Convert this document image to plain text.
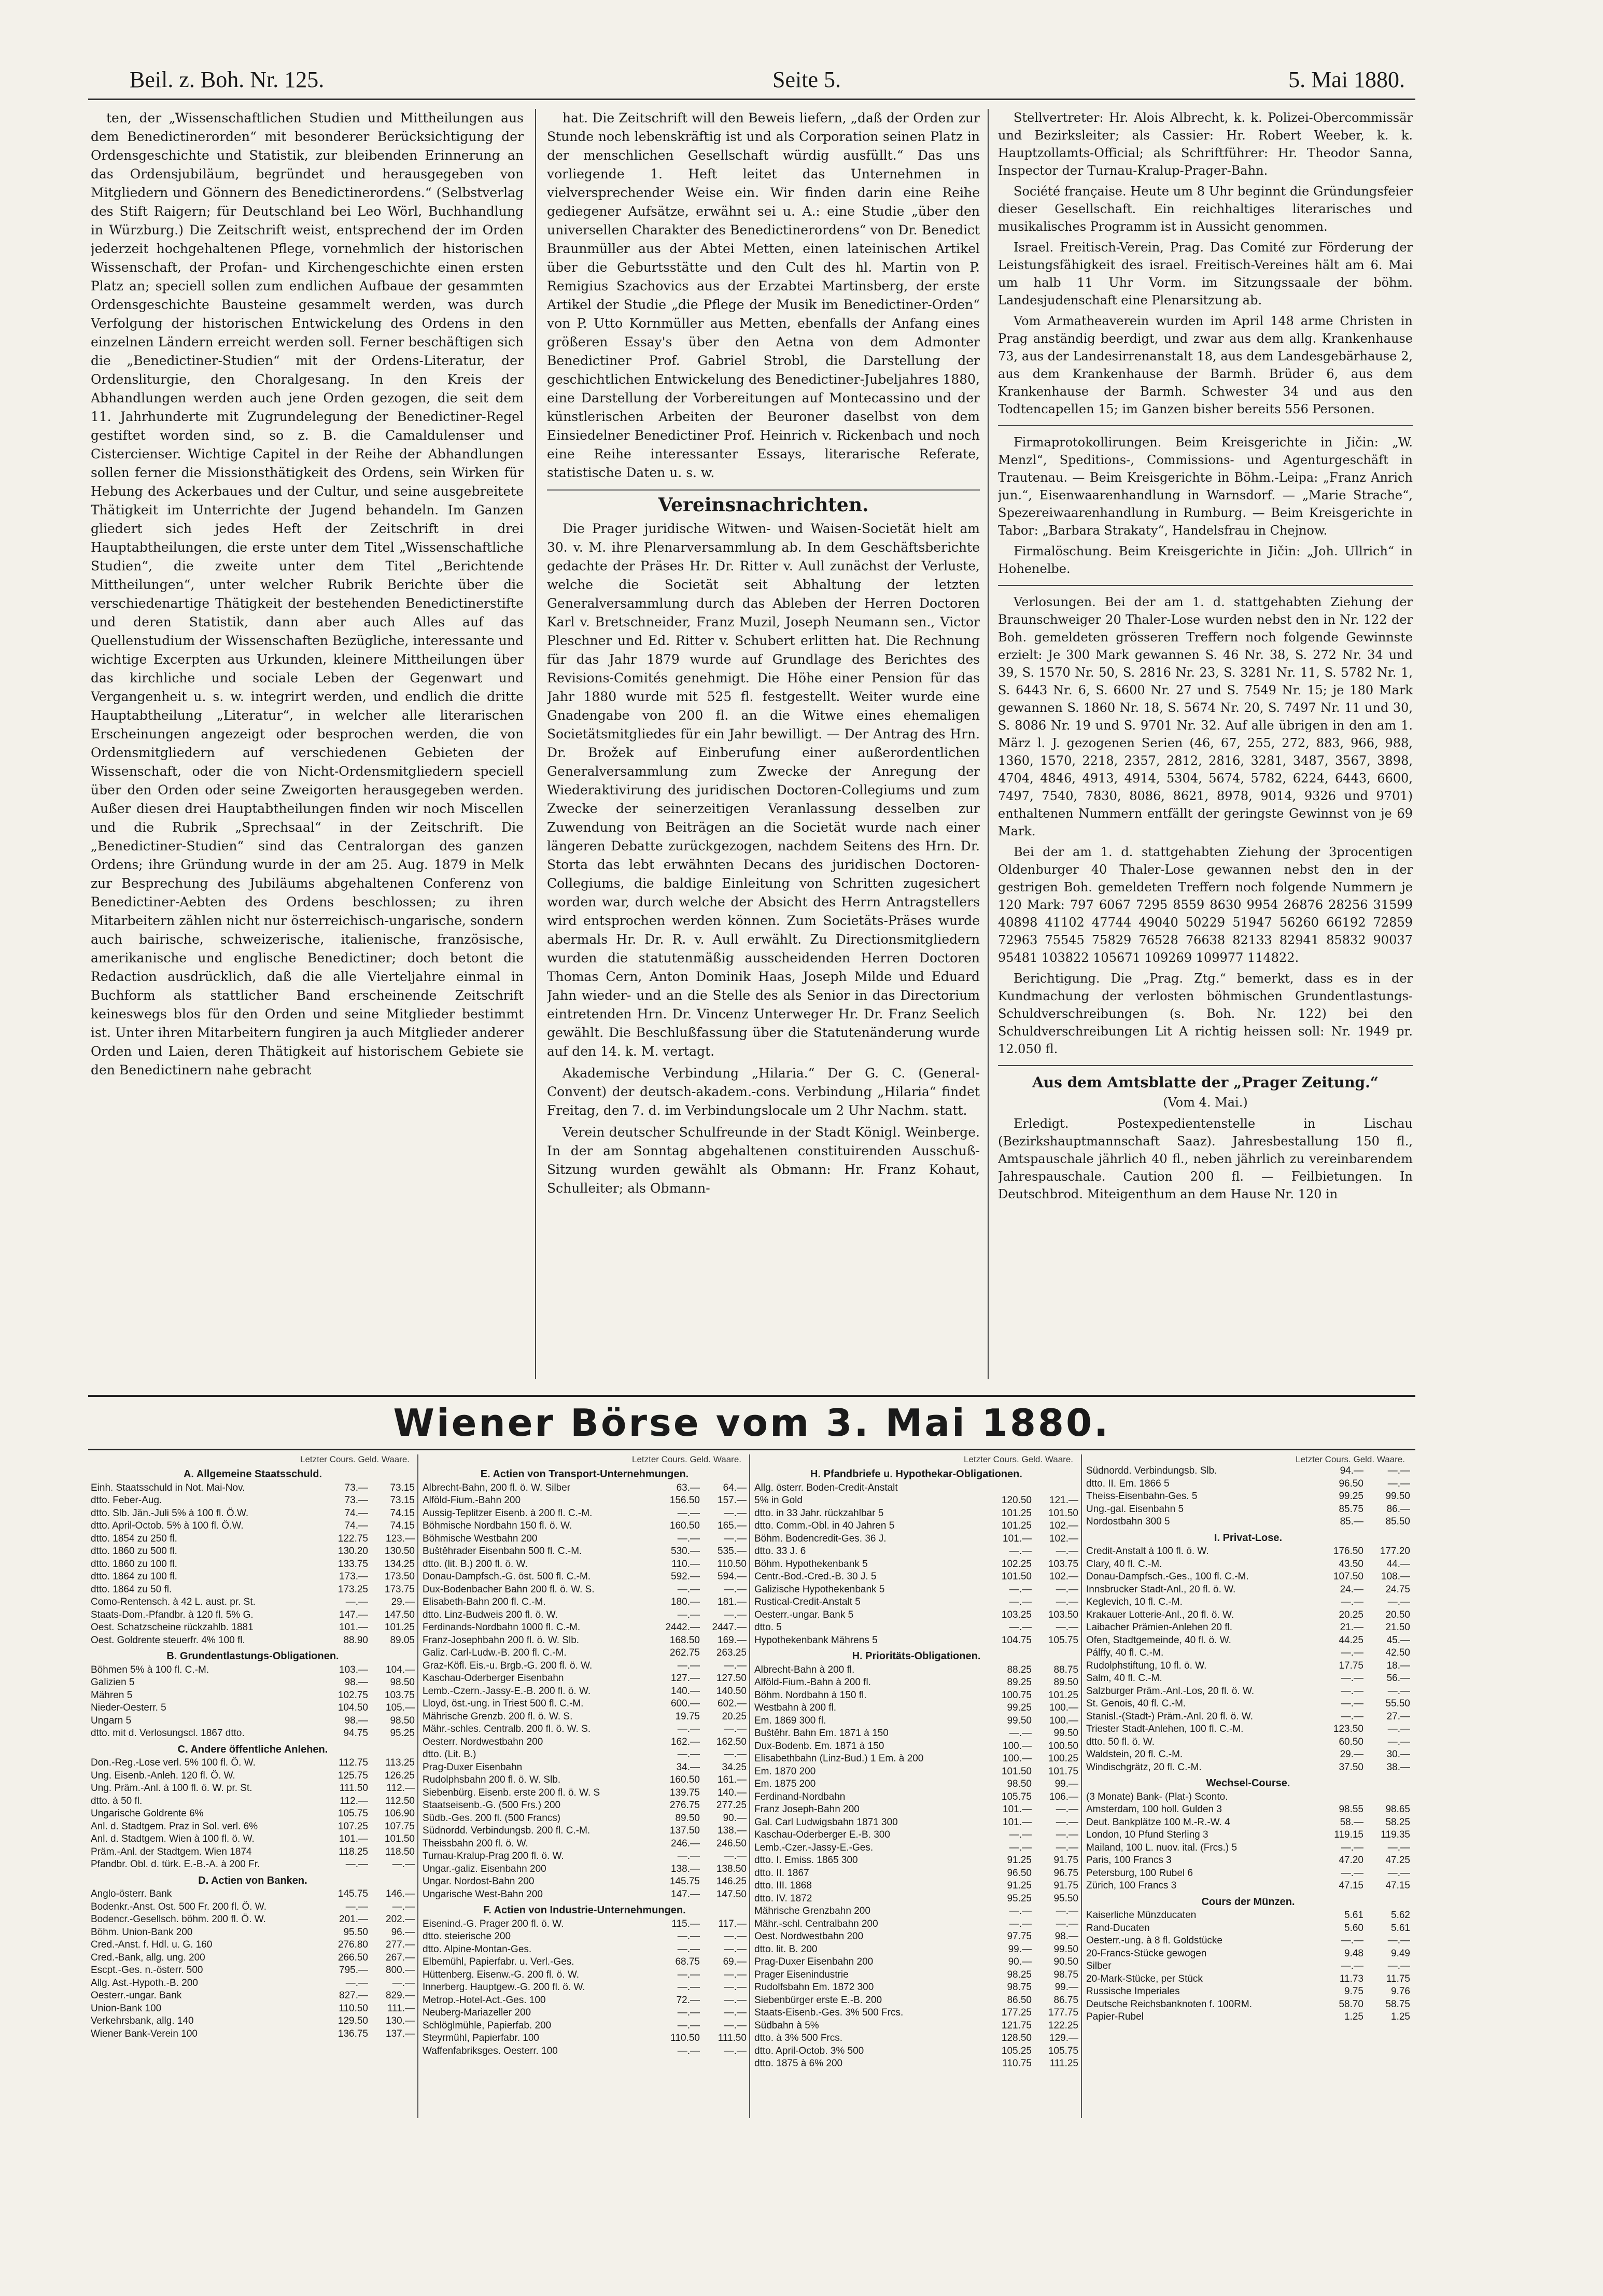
Beil. z. Boh. Nr. 125.	Seite 5.	5. Mai 1880.

ten, der „Wissenschaftlichen Studien und Mittheilungen aus dem Benedictinerorden“ mit besonderer Berücksichtigung der Ordensgeschichte und Statistik, zur bleibenden Erinnerung an das Ordensjubiläum, begründet und herausgegeben von Mitgliedern und Gönnern des Benedictinerordens.“ (Selbstverlag des Stift Raigern; für Deutschland bei Leo Wörl, Buchhandlung in Würzburg.) Die Zeitschrift weist, entsprechend der im Orden jederzeit hochgehaltenen Pflege, vornehmlich der historischen Wissenschaft, der Profan- und Kirchengeschichte einen ersten Platz an; speciell sollen zum endlichen Aufbaue der gesammten Ordensgeschichte Bausteine gesammelt werden, was durch Verfolgung der historischen Entwickelung des Ordens in den einzelnen Ländern erreicht werden soll. Ferner beschäftigen sich die „Benedictiner-Studien“ mit der Ordens-Literatur, der Ordensliturgie, den Choralgesang. In den Kreis der Abhandlungen werden auch jene Orden gezogen, die seit dem 11. Jahrhunderte mit Zugrundelegung der Benedictiner-Regel gestiftet worden sind, so z. B. die Camaldulenser und Cistercienser. Wichtige Capitel in der Reihe der Abhandlungen sollen ferner die Missionsthätigkeit des Ordens, sein Wirken für Hebung des Ackerbaues und der Cultur, und seine ausgebreitete Thätigkeit im Unterrichte der Jugend behandeln. Im Ganzen gliedert sich jedes Heft der Zeitschrift in drei Hauptabtheilungen, die erste unter dem Titel „Wissenschaftliche Studien“, die zweite unter dem Titel „Berichtende Mittheilungen“, unter welcher Rubrik Berichte über die verschiedenartige Thätigkeit der bestehenden Benedictinerstifte und deren Statistik, dann aber auch Alles auf das Quellenstudium der Wissenschaften Bezügliche, interessante und wichtige Excerpten aus Urkunden, kleinere Mittheilungen über das kirchliche und sociale Leben der Gegenwart und Vergangenheit u. s. w. integrirt werden, und endlich die dritte Hauptabtheilung „Literatur“, in welcher alle literarischen Erscheinungen angezeigt oder besprochen werden, die von Ordensmitgliedern auf verschiedenen Gebieten der Wissenschaft, oder die von Nicht-Ordensmitgliedern speciell über den Orden oder seine Zweigorten herausgegeben werden. Außer diesen drei Hauptabtheilungen finden wir noch Miscellen und die Rubrik „Sprechsaal“ in der Zeitschrift. Die „Benedictiner-Studien“ sind das Centralorgan des ganzen Ordens; ihre Gründung wurde in der am 25. Aug. 1879 in Melk zur Besprechung des Jubiläums abgehaltenen Conferenz von Benedictiner-Aebten des Ordens beschlossen; zu ihren Mitarbeitern zählen nicht nur österreichisch-ungarische, sondern auch bairische, schweizerische, italienische, französische, amerikanische und englische Benedictiner; doch betont die Redaction ausdrücklich, daß die alle Vierteljahre einmal in Buchform als stattlicher Band erscheinende Zeitschrift keineswegs blos für den Orden und seine Mitglieder bestimmt ist. Unter ihren Mitarbeitern fungiren ja auch Mitglieder anderer Orden und Laien, deren Thätigkeit auf historischem Gebiete sie den Benedictinern nahe gebracht

hat. Die Zeitschrift will den Beweis liefern, „daß der Orden zur Stunde noch lebenskräftig ist und als Corporation seinen Platz in der menschlichen Gesellschaft würdig ausfüllt.“ Das uns vorliegende 1. Heft leitet das Unternehmen in vielversprechender Weise ein. Wir finden darin eine Reihe gediegener Aufsätze, erwähnt sei u. A.: eine Studie „über den universellen Charakter des Benedictinerordens“ von Dr. Benedict Braunmüller aus der Abtei Metten, einen lateinischen Artikel über die Geburtsstätte und den Cult des hl. Martin von P. Remigius Szachovics aus der Erzabtei Martinsberg, der erste Artikel der Studie „die Pflege der Musik im Benedictiner-Orden“ von P. Utto Kornmüller aus Metten, ebenfalls der Anfang eines größeren Essay's über den Aetna von dem Admonter Benedictiner Prof. Gabriel Strobl, die Darstellung der geschichtlichen Entwickelung des Benedictiner-Jubeljahres 1880, eine Darstellung der Vorbereitungen auf Montecassino und der künstlerischen Arbeiten der Beuroner daselbst von dem Einsiedelner Benedictiner Prof. Heinrich v. Rickenbach und noch eine Reihe interessanter Essays, literarische Referate, statistische Daten u. s. w.

Vereinsnachrichten.

Die Prager juridische Witwen- und Waisen-Societät hielt am 30. v. M. ihre Plenarversammlung ab. In dem Geschäftsberichte gedachte der Präses Hr. Dr. Ritter v. Aull zunächst der Verluste, welche die Societät seit Abhaltung der letzten Generalversammlung durch das Ableben der Herren Doctoren Karl v. Bretschneider, Franz Muzil, Joseph Neumann sen., Victor Pleschner und Ed. Ritter v. Schubert erlitten hat. Die Rechnung für das Jahr 1879 wurde auf Grundlage des Berichtes des Revisions-Comités genehmigt. Die Höhe einer Pension für das Jahr 1880 wurde mit 525 fl. festgestellt. Weiter wurde eine Gnadengabe von 200 fl. an die Witwe eines ehemaligen Societätsmitgliedes für ein Jahr bewilligt. — Der Antrag des Hrn. Dr. Brožek auf Einberufung einer außerordentlichen Generalversammlung zum Zwecke der Anregung der Wiederaktivirung des juridischen Doctoren-Collegiums und zum Zwecke der seinerzeitigen Veranlassung desselben zur Zuwendung von Beiträgen an die Societät wurde nach einer längeren Debatte zurückgezogen, nachdem Seitens des Hrn. Dr. Storta das lebt erwähnten Decans des juridischen Doctoren-Collegiums, die baldige Einleitung von Schritten zugesichert worden war, durch welche der Absicht des Herrn Antragstellers wird entsprochen werden können. Zum Societäts-Präses wurde abermals Hr. Dr. R. v. Aull erwählt. Zu Directionsmitgliedern wurden die statutenmäßig ausscheidenden Herren Doctoren Thomas Cern, Anton Dominik Haas, Joseph Milde und Eduard Jahn wieder- und an die Stelle des als Senior in das Directorium eintretenden Hrn. Dr. Vincenz Unterweger Hr. Dr. Franz Seelich gewählt. Die Beschlußfassung über die Statutenänderung wurde auf den 14. k. M. vertagt.

Akademische Verbindung „Hilaria.“ Der G. C. (General-Convent) der deutsch-akadem.-cons. Verbindung „Hilaria“ findet Freitag, den 7. d. im Verbindungslocale um 2 Uhr Nachm. statt.

Verein deutscher Schulfreunde in der Stadt Königl. Weinberge. In der am Sonntag abgehaltenen constituirenden Ausschuß-Sitzung wurden gewählt als Obmann: Hr. Franz Kohaut, Schulleiter; als Obmann-

Stellvertreter: Hr. Alois Albrecht, k. k. Polizei-Obercommissär und Bezirksleiter; als Cassier: Hr. Robert Weeber, k. k. Hauptzollamts-Official; als Schriftführer: Hr. Theodor Sanna, Inspector der Turnau-Kralup-Prager-Bahn.

Société française. Heute um 8 Uhr beginnt die Gründungsfeier dieser Gesellschaft. Ein reichhaltiges literarisches und musikalisches Programm ist in Aussicht genommen.

Israel. Freitisch-Verein, Prag. Das Comité zur Förderung der Leistungsfähigkeit des israel. Freitisch-Vereines hält am 6. Mai um halb 11 Uhr Vorm. im Sitzungssaale der böhm. Landesjudenschaft eine Plenarsitzung ab.

Vom Armatheaverein wurden im April 148 arme Christen in Prag anständig beerdigt, und zwar aus dem allg. Krankenhause 73, aus der Landesirrenanstalt 18, aus dem Landesgebärhause 2, aus dem Krankenhause der Barmh. Brüder 6, aus dem Krankenhause der Barmh. Schwester 34 und aus den Todtencapellen 15; im Ganzen bisher bereits 556 Personen.

Firmaprotokollirungen. Beim Kreisgerichte in Jičin: „W. Menzl“, Speditions-, Commissions- und Agenturgeschäft in Trautenau. — Beim Kreisgerichte in Böhm.-Leipa: „Franz Anrich jun.“, Eisenwaarenhandlung in Warnsdorf. — „Marie Strache“, Spezereiwaarenhandlung in Rumburg. — Beim Kreisgerichte in Tabor: „Barbara Strakaty“, Handelsfrau in Chejnow.

Firmalöschung. Beim Kreisgerichte in Jičin: „Joh. Ullrich“ in Hohenelbe.

Verlosungen. Bei der am 1. d. stattgehabten Ziehung der Braunschweiger 20 Thaler-Lose wurden nebst den in Nr. 122 der Boh. gemeldeten grösseren Treffern noch folgende Gewinnste erzielt: Je 300 Mark gewannen S. 46 Nr. 38, S. 272 Nr. 34 und 39, S. 1570 Nr. 50, S. 2816 Nr. 23, S. 3281 Nr. 11, S. 5782 Nr. 1, S. 6443 Nr. 6, S. 6600 Nr. 27 und S. 7549 Nr. 15; je 180 Mark gewannen S. 1860 Nr. 18, S. 5674 Nr. 20, S. 7497 Nr. 11 und 30, S. 8086 Nr. 19 und S. 9701 Nr. 32. Auf alle übrigen in den am 1. März l. J. gezogenen Serien (46, 67, 255, 272, 883, 966, 988, 1360, 1570, 2218, 2357, 2812, 2816, 3281, 3487, 3567, 3898, 4704, 4846, 4913, 4914, 5304, 5674, 5782, 6224, 6443, 6600, 7497, 7540, 7830, 8086, 8621, 8978, 9014, 9326 und 9701) enthaltenen Nummern entfällt der geringste Gewinnst von je 69 Mark.

Bei der am 1. d. stattgehabten Ziehung der 3procentigen Oldenburger 40 Thaler-Lose gewannen nebst den in der gestrigen Boh. gemeldeten Treffern noch folgende Nummern je 120 Mark: 797 6067 7295 8559 8630 9954 26876 28256 31599 40898 41102 47744 49040 50229 51947 56260 66192 72859 72963 75545 75829 76528 76638 82133 82941 85832 90037 95481 103822 105671 109269 109977 114822.

Berichtigung. Die „Prag. Ztg.“ bemerkt, dass es in der Kundmachung der verlosten böhmischen Grundentlastungs-Schuldverschreibungen (s. Boh. Nr. 122) bei den Schuldverschreibungen Lit A richtig heissen soll: Nr. 1949 pr. 12.050 fl.

Aus dem Amtsblatte der „Prager Zeitung.“
(Vom 4. Mai.)

Erledigt. Postexpedientenstelle in Lischau (Bezirkshauptmannschaft Saaz). Jahresbestallung 150 fl., Amtspauschale jährlich 40 fl., neben jährlich zu vereinbarendem Jahrespauschale. Caution 200 fl. — Feilbietungen. In Deutschbrod. Miteigenthum an dem Hause Nr. 120 in

Wiener Börse vom 3. Mai 1880.
Letzter Cours. Geld. Waare.
A. Allgemeine Staatsschuld.
Einh. Staatsschuld in Not. Mai-Nov.	73.—	73.15
dtto. Feber-Aug.	73.—	73.15
dtto. Slb. Jän.-Juli 5% à 100 fl. Ö.W.	74.—	74.15
dtto. April-Octob. 5% à 100 fl. Ö.W.	74.—	74.15
dtto. 1854 zu 250 fl.	122.75	123.—
dtto. 1860 zu 500 fl.	130.20	130.50
dtto. 1860 zu 100 fl.	133.75	134.25
dtto. 1864 zu 100 fl.	173.—	173.50
dtto. 1864 zu 50 fl.	173.25	173.75
Como-Rentensch. à 42 L. aust. pr. St.	—.—	29.—
Staats-Dom.-Pfandbr. à 120 fl. 5% G.	147.—	147.50
Oest. Schatzscheine rückzahlb. 1881	101.—	101.25
Oest. Goldrente steuerfr. 4% 100 fl.	88.90	89.05
B. Grundentlastungs-Obligationen.
Böhmen 5% à 100 fl. C.-M.	103.—	104.—
Galizien 5	98.—	98.50
Mähren 5	102.75	103.75
Nieder-Oesterr. 5	104.50	105.—
Ungarn 5	98.—	98.50
dtto. mit d. Verlosungscl. 1867 dtto.	94.75	95.25
C. Andere öffentliche Anlehen.
Don.-Reg.-Lose verl. 5% 100 fl. Ö. W.	112.75	113.25
Ung. Eisenb.-Anleh. 120 fl. Ö. W.	125.75	126.25
Ung. Präm.-Anl. à 100 fl. ö. W. pr. St.	111.50	112.—
dtto. à 50 fl.	112.—	112.50
Ungarische Goldrente 6%	105.75	106.90
Anl. d. Stadtgem. Praz in Sol. verl. 6%	107.25	107.75
Anl. d. Stadtgem. Wien à 100 fl. ö. W.	101.—	101.50
Präm.-Anl. der Stadtgem. Wien 1874	118.25	118.50
Pfandbr. Obl. d. türk. E.-B.-A. à 200 Fr.	—.—	—.—
D. Actien von Banken.
Anglo-österr. Bank	145.75	146.—
Bodenkr.-Anst. Ost. 500 Fr. 200 fl. Ö. W.	—.—	—.—
Bodencr.-Gesellsch. böhm. 200 fl. Ö. W.	201.—	202.—
Böhm. Union-Bank 200	95.50	96.—
Cred.-Anst. f. Hdl. u. G. 160	276.80	277.—
Cred.-Bank, allg. ung. 200	266.50	267.—
Escpt.-Ges. n.-österr. 500	795.—	800.—
Allg. Ast.-Hypoth.-B. 200	—.—	—.—
Oesterr.-ungar. Bank	827.—	829.—
Union-Bank 100	110.50	111.—
Verkehrsbank, allg. 140	129.50	130.—
Wiener Bank-Verein 100	136.75	137.—
Letzter Cours. Geld. Waare.
E. Actien von Transport-Unternehmungen.
Albrecht-Bahn, 200 fl. ö. W. Silber	63.—	64.—
Alföld-Fium.-Bahn 200	156.50	157.—
Aussig-Teplitzer Eisenb. à 200 fl. C.-M.	—.—	—.—
Böhmische Nordbahn 150 fl. ö. W.	160.50	165.—
Böhmische Westbahn 200	—.—	—.—
Buštěhrader Eisenbahn 500 fl. C.-M.	530.—	535.—
dtto. (lit. B.) 200 fl. ö. W.	110.—	110.50
Donau-Dampfsch.-G. öst. 500 fl. C.-M.	592.—	594.—
Dux-Bodenbacher Bahn 200 fl. ö. W. S.	—.—	—.—
Elisabeth-Bahn 200 fl. C.-M.	180.—	181.—
dtto. Linz-Budweis 200 fl. ö. W.	—.—	—.—
Ferdinands-Nordbahn 1000 fl. C.-M.	2442.—	2447.—
Franz-Josephbahn 200 fl. ö. W. Slb.	168.50	169.—
Galiz. Carl-Ludw.-B. 200 fl. C.-M.	262.75	263.25
Graz-Köfl. Eis.-u. Brgb.-G. 200 fl. ö. W.	—.—	—.—
Kaschau-Oderberger Eisenbahn	127.—	127.50
Lemb.-Czern.-Jassy-E.-B. 200 fl. ö. W.	140.—	140.50
Lloyd, öst.-ung. in Triest 500 fl. C.-M.	600.—	602.—
Mährische Grenzb. 200 fl. ö. W. S.	19.75	20.25
Mähr.-schles. Centralb. 200 fl. ö. W. S.	—.—	—.—
Oesterr. Nordwestbahn 200	162.—	162.50
dtto. (Lit. B.)	—.—	—.—
Prag-Duxer Eisenbahn	34.—	34.25
Rudolphsbahn 200 fl. ö. W. Slb.	160.50	161.—
Siebenbürg. Eisenb. erste 200 fl. ö. W. S	139.75	140.—
Staatseisenb.-G. (500 Frs.) 200	276.75	277.25
Südb.-Ges. 200 fl. (500 Francs)	89.50	90.—
Südnordd. Verbindungsb. 200 fl. C.-M.	137.50	138.—
Theissbahn 200 fl. ö. W.	246.—	246.50
Turnau-Kralup-Prag 200 fl. ö. W.	—.—	—.—
Ungar.-galiz. Eisenbahn 200	138.—	138.50
Ungar. Nordost-Bahn 200	145.75	146.25
Ungarische West-Bahn 200	147.—	147.50
F. Actien von Industrie-Unternehmungen.
Eisenind.-G. Prager 200 fl. ö. W.	115.—	117.—
dtto. steierische 200	—.—	—.—
dtto. Alpine-Montan-Ges.	—.—	—.—
Elbemühl, Papierfabr. u. Verl.-Ges.	68.75	69.—
Hüttenberg. Eisenw.-G. 200 fl. ö. W.	—.—	—.—
Innerberg. Hauptgew.-G. 200 fl. ö. W.	—.—	—.—
Metrop.-Hotel-Act.-Ges. 100	72.—	—.—
Neuberg-Mariazeller 200	—.—	—.—
Schlöglmühle, Papierfab. 200	—.—	—.—
Steyrmühl, Papierfabr. 100	110.50	111.50
Waffenfabriksges. Oesterr. 100	—.—	—.—
Letzter Cours. Geld. Waare.
H. Pfandbriefe u. Hypothekar-Obligationen.
Allg. österr. Boden-Credit-Anstalt
5% in Gold	120.50	121.—
dtto. in 33 Jahr. rückzahlbar 5	101.25	101.50
dtto. Comm.-Obl. in 40 Jahren 5	101.25	102.—
Böhm. Bodencredit-Ges. 36 J.	101.—	102.—
dtto. 33 J. 6	—.—	—.—
Böhm. Hypothekenbank 5	102.25	103.75
Centr.-Bod.-Cred.-B. 30 J. 5	101.50	102.—
Galizische Hypothekenbank 5	—.—	—.—
Rustical-Credit-Anstalt 5	—.—	—.—
Oesterr.-ungar. Bank 5	103.25	103.50
dtto. 5	—.—	—.—
Hypothekenbank Mährens 5	104.75	105.75
H. Prioritäts-Obligationen.
Albrecht-Bahn à 200 fl.	88.25	88.75
Alföld-Fium.-Bahn à 200 fl.	89.25	89.50
Böhm. Nordbahn à 150 fl.	100.75	101.25
Westbahn à 200 fl.	99.25	100.—
Em. 1869 300 fl.	99.50	100.—
Buštěhr. Bahn Em. 1871 à 150	—.—	99.50
Dux-Bodenb. Em. 1871 à 150	100.—	100.50
Elisabethbahn (Linz-Bud.) 1 Em. à 200	100.—	100.25
Em. 1870 200	101.50	101.75
Em. 1875 200	98.50	99.—
Ferdinand-Nordbahn	105.75	106.—
Franz Joseph-Bahn 200	101.—	—.—
Gal. Carl Ludwigsbahn 1871 300	101.—	—.—
Kaschau-Oderberger E.-B. 300	—.—	—.—
Lemb.-Czer.-Jassy-E.-Ges.	—.—	—.—
dtto. I. Emiss. 1865 300	91.25	91.75
dtto. II. 1867	96.50	96.75
dtto. III. 1868	91.25	91.75
dtto. IV. 1872	95.25	95.50
Mährische Grenzbahn 200	—.—	—.—
Mähr.-schl. Centralbahn 200	—.—	—.—
Oest. Nordwestbahn 200	97.75	98.—
dtto. lit. B. 200	99.—	99.50
Prag-Duxer Eisenbahn 200	90.—	90.50
Prager Eisenindustrie	98.25	98.75
Rudolfsbahn Em. 1872 300	98.75	99.—
Siebenbürger erste E.-B. 200	86.50	86.75
Staats-Eisenb.-Ges. 3% 500 Frcs.	177.25	177.75
Südbahn à 5%	121.75	122.25
dtto. à 3% 500 Frcs.	128.50	129.—
dtto. April-Octob. 3% 500	105.25	105.75
dtto. 1875 à 6% 200	110.75	111.25
Letzter Cours. Geld. Waare.
Südnordd. Verbindungsb. Slb.	94.—	—.—
dtto. II. Em. 1866 5	96.50	—.—
Theiss-Eisenbahn-Ges. 5	99.25	99.50
Ung.-gal. Eisenbahn 5	85.75	86.—
Nordostbahn 300 5	85.—	85.50
I. Privat-Lose.
Credit-Anstalt à 100 fl. ö. W.	176.50	177.20
Clary, 40 fl. C.-M.	43.50	44.—
Donau-Dampfsch.-Ges., 100 fl. C.-M.	107.50	108.—
Innsbrucker Stadt-Anl., 20 fl. ö. W.	24.—	24.75
Keglevich, 10 fl. C.-M.	—.—	—.—
Krakauer Lotterie-Anl., 20 fl. ö. W.	20.25	20.50
Laibacher Prämien-Anlehen 20 fl.	21.—	21.50
Ofen, Stadtgemeinde, 40 fl. ö. W.	44.25	45.—
Pálffy, 40 fl. C.-M.	—.—	42.50
Rudolphstiftung, 10 fl. ö. W.	17.75	18.—
Salm, 40 fl. C.-M.	—.—	56.—
Salzburger Präm.-Anl.-Los, 20 fl. ö. W.	—.—	—.—
St. Genois, 40 fl. C.-M.	—.—	55.50
Stanisl.-(Stadt-) Präm.-Anl. 20 fl. ö. W.	—.—	27.—
Triester Stadt-Anlehen, 100 fl. C.-M.	123.50	—.—
dtto. 50 fl. ö. W.	60.50	—.—
Waldstein, 20 fl. C.-M.	29.—	30.—
Windischgrätz, 20 fl. C.-M.	37.50	38.—
Wechsel-Course.
(3 Monate) Bank- (Plat-) Sconto.
Amsterdam, 100 holl. Gulden 3	98.55	98.65
Deut. Bankplätze 100 M.-R.-W. 4	58.—	58.25
London, 10 Pfund Sterling 3	119.15	119.35
Mailand, 100 L. nuov. ital. (Frcs.) 5	—.—	—.—
Paris, 100 Francs 3	47.20	47.25
Petersburg, 100 Rubel 6	—.—	—.—
Zürich, 100 Francs 3	47.15	47.15
Cours der Münzen.
Kaiserliche Münzducaten	5.61	5.62
Rand-Ducaten	5.60	5.61
Oesterr.-ung. à 8 fl. Goldstücke	—.—	—.—
20-Francs-Stücke gewogen	9.48	9.49
Silber	—.—	—.—
20-Mark-Stücke, per Stück	11.73	11.75
Russische Imperiales	9.75	9.76
Deutsche Reichsbanknoten f. 100RM.	58.70	58.75
Papier-Rubel	1.25	1.25
